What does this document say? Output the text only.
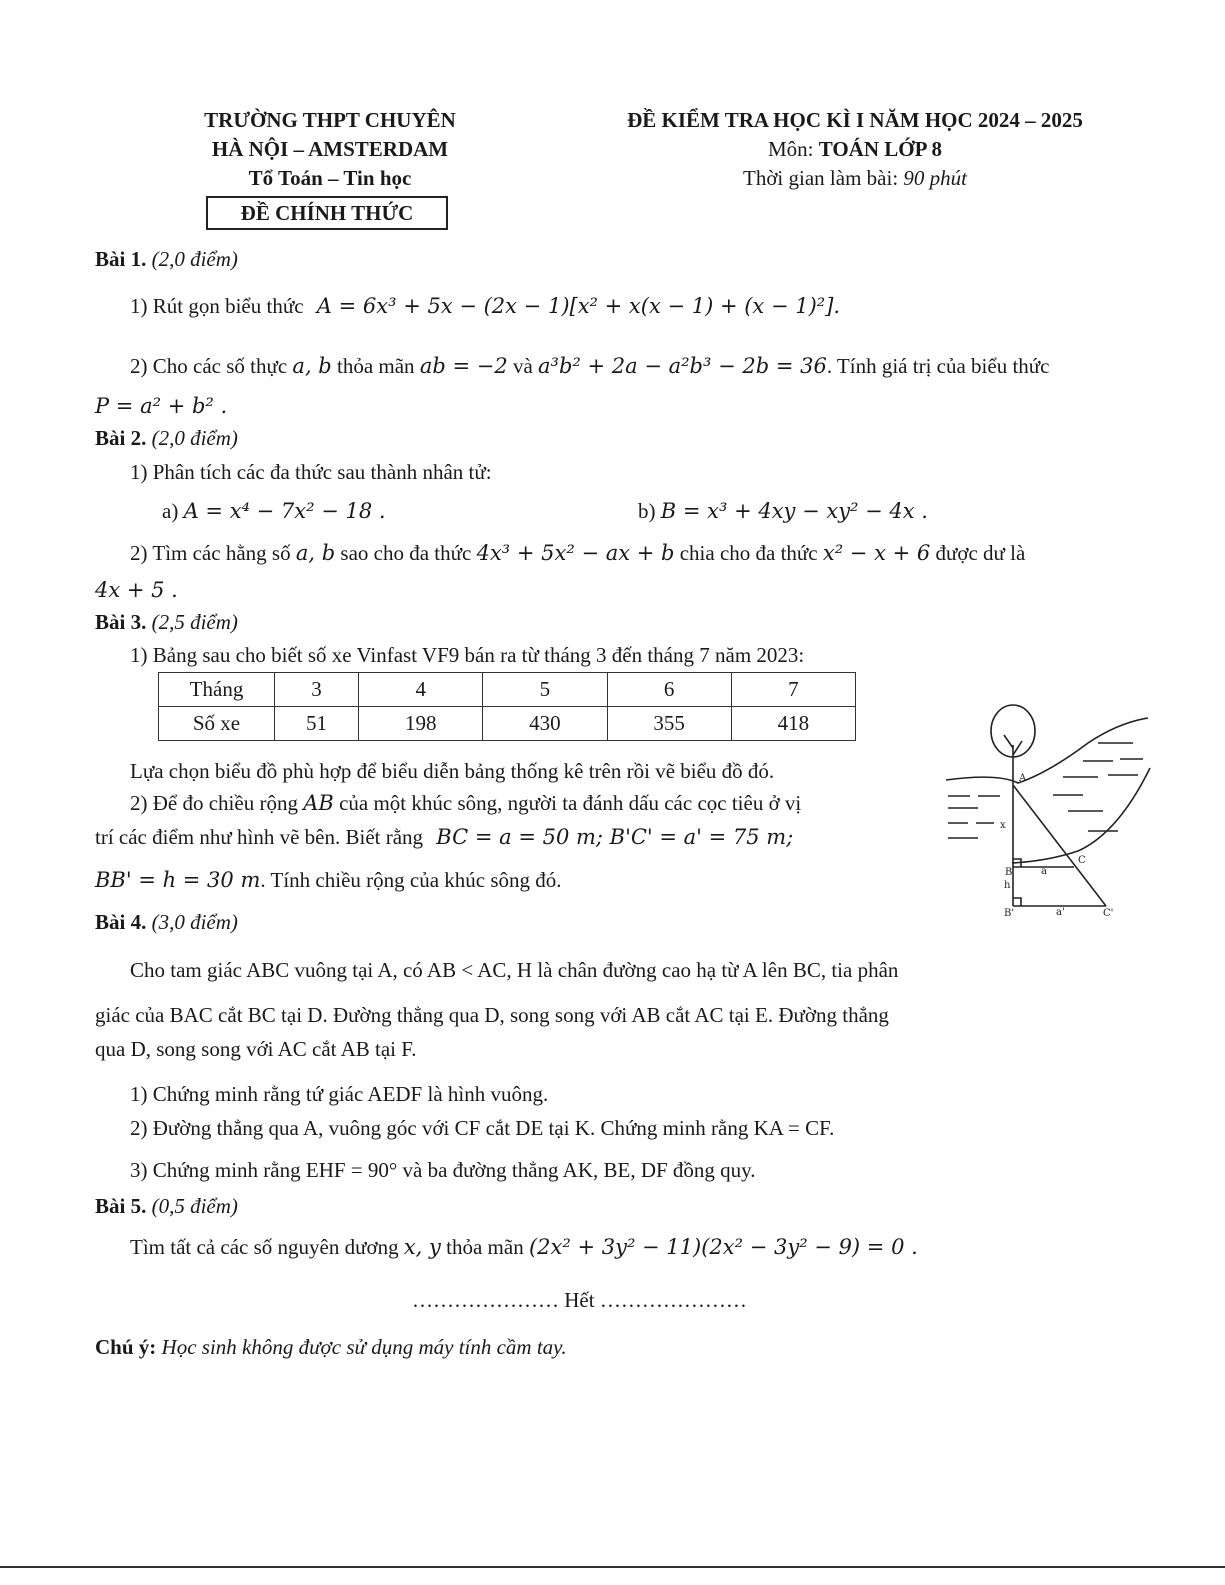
TRƯỜNG THPT CHUYÊN
HÀ NỘI – AMSTERDAM
Tổ Toán – Tin học
ĐỀ CHÍNH THỨC
ĐỀ KIỂM TRA HỌC KÌ I NĂM HỌC 2024 – 2025
Môn: TOÁN LỚP 8
Thời gian làm bài: 90 phút
Bài 1. (2,0 điểm)
1) Rút gọn biểu thức A = 6x³ + 5x − (2x − 1)[x² + x(x − 1) + (x − 1)²].
2) Cho các số thực a, b thỏa mãn ab = −2 và a³b² + 2a − a²b³ − 2b = 36. Tính giá trị của biểu thức
P = a² + b² .
Bài 2. (2,0 điểm)
1) Phân tích các đa thức sau thành nhân tử:
a) A = x⁴ − 7x² − 18 .	b) B = x³ + 4xy − xy² − 4x .
2) Tìm các hằng số a, b sao cho đa thức 4x³ + 5x² − ax + b chia cho đa thức x² − x + 6 được dư là
4x + 5 .
Bài 3. (2,5 điểm)
1) Bảng sau cho biết số xe Vinfast VF9 bán ra từ tháng 3 đến tháng 7 năm 2023:
Tháng	3	4	5	6	7
Số xe	51	198	430	355	418
Lựa chọn biểu đồ phù hợp để biểu diễn bảng thống kê trên rồi vẽ biểu đồ đó.
2) Để đo chiều rộng AB của một khúc sông, người ta đánh dấu các cọc tiêu ở vị
trí các điểm như hình vẽ bên. Biết rằng BC = a = 50 m; B'C' = a' = 75 m;
BB' = h = 30 m. Tính chiều rộng của khúc sông đó.
A
x
B
h
a
C
B'	a'	C'
Bài 4. (3,0 điểm)
Cho tam giác ABC vuông tại A, có AB < AC, H là chân đường cao hạ từ A lên BC, tia phân
giác của BAC cắt BC tại D. Đường thẳng qua D, song song với AB cắt AC tại E. Đường thẳng
qua D, song song với AC cắt AB tại F.
1) Chứng minh rằng tứ giác AEDF là hình vuông.
2) Đường thẳng qua A, vuông góc với CF cắt DE tại K. Chứng minh rằng KA = CF.
3) Chứng minh rằng EHF = 90° và ba đường thẳng AK, BE, DF đồng quy.
Bài 5. (0,5 điểm)
Tìm tất cả các số nguyên dương x, y thỏa mãn (2x² + 3y² − 11)(2x² − 3y² − 9) = 0 .
………………… Hết …………………
Chú ý: Học sinh không được sử dụng máy tính cầm tay.
